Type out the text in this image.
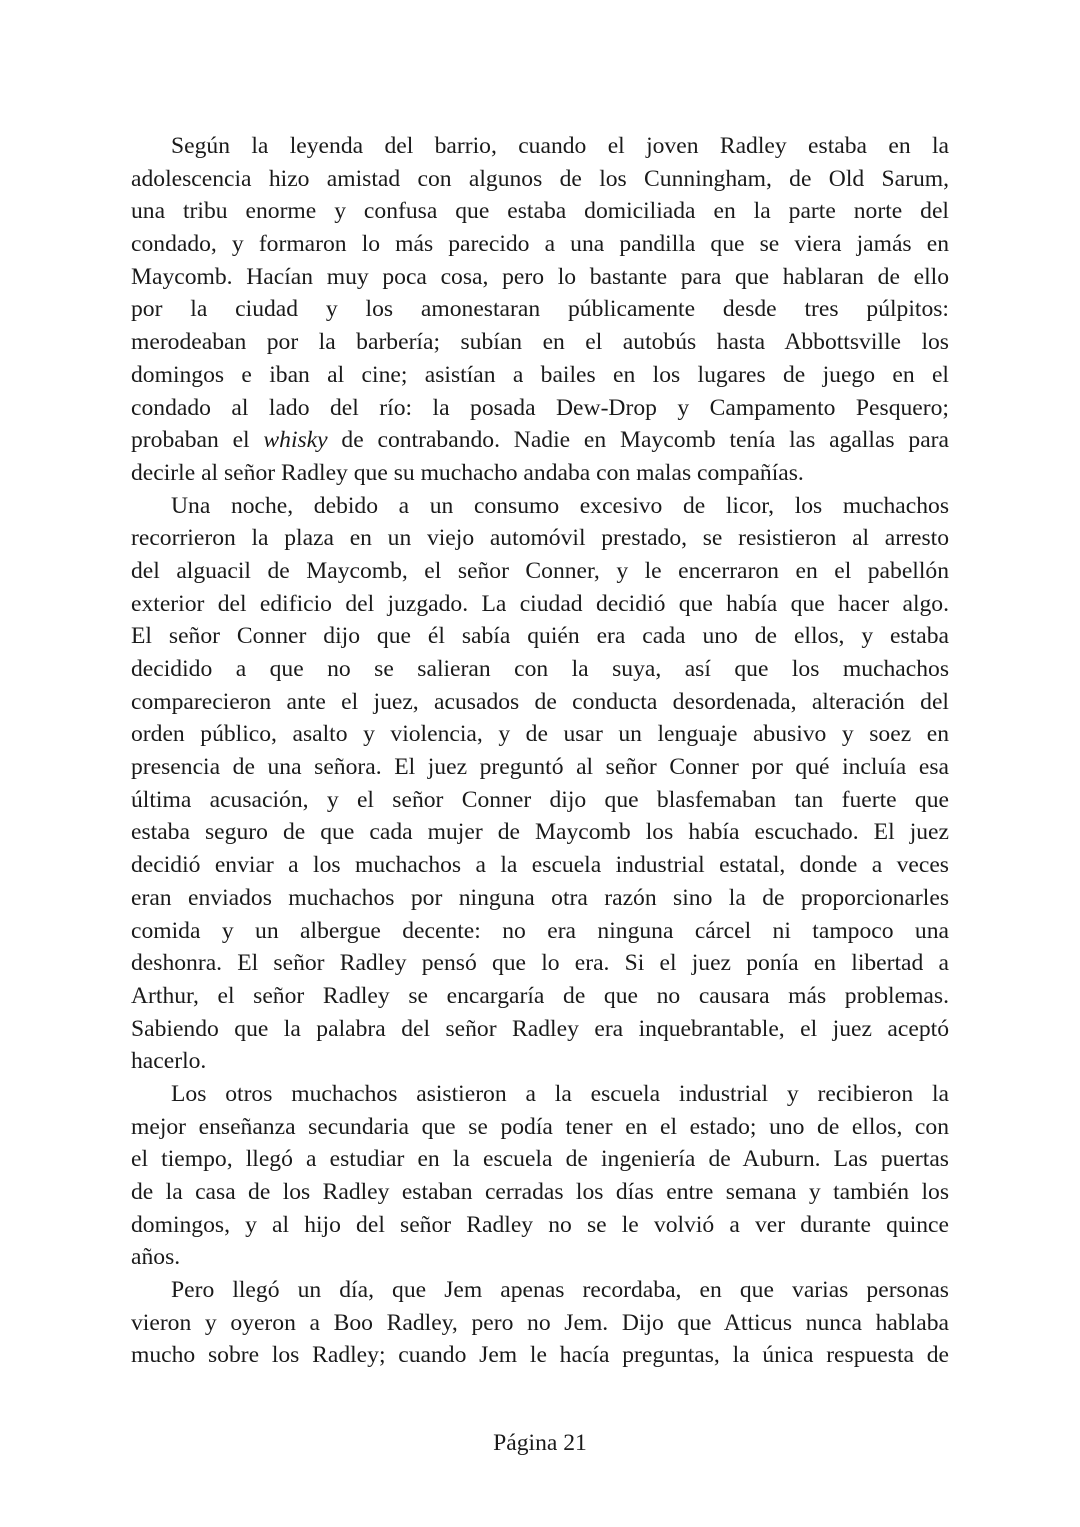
Según la leyenda del barrio, cuando el joven Radley estaba en la
adolescencia hizo amistad con algunos de los Cunningham, de Old Sarum,
una tribu enorme y confusa que estaba domiciliada en la parte norte del
condado, y formaron lo más parecido a una pandilla que se viera jamás en
Maycomb. Hacían muy poca cosa, pero lo bastante para que hablaran de ello
por la ciudad y los amonestaran públicamente desde tres púlpitos:
merodeaban por la barbería; subían en el autobús hasta Abbottsville los
domingos e iban al cine; asistían a bailes en los lugares de juego en el
condado al lado del río: la posada Dew-Drop y Campamento Pesquero;
probaban el whisky de contrabando. Nadie en Maycomb tenía las agallas para
decirle al señor Radley que su muchacho andaba con malas compañías.
Una noche, debido a un consumo excesivo de licor, los muchachos
recorrieron la plaza en un viejo automóvil prestado, se resistieron al arresto
del alguacil de Maycomb, el señor Conner, y le encerraron en el pabellón
exterior del edificio del juzgado. La ciudad decidió que había que hacer algo.
El señor Conner dijo que él sabía quién era cada uno de ellos, y estaba
decidido a que no se salieran con la suya, así que los muchachos
comparecieron ante el juez, acusados de conducta desordenada, alteración del
orden público, asalto y violencia, y de usar un lenguaje abusivo y soez en
presencia de una señora. El juez preguntó al señor Conner por qué incluía esa
última acusación, y el señor Conner dijo que blasfemaban tan fuerte que
estaba seguro de que cada mujer de Maycomb los había escuchado. El juez
decidió enviar a los muchachos a la escuela industrial estatal, donde a veces
eran enviados muchachos por ninguna otra razón sino la de proporcionarles
comida y un albergue decente: no era ninguna cárcel ni tampoco una
deshonra. El señor Radley pensó que lo era. Si el juez ponía en libertad a
Arthur, el señor Radley se encargaría de que no causara más problemas.
Sabiendo que la palabra del señor Radley era inquebrantable, el juez aceptó
hacerlo.
Los otros muchachos asistieron a la escuela industrial y recibieron la
mejor enseñanza secundaria que se podía tener en el estado; uno de ellos, con
el tiempo, llegó a estudiar en la escuela de ingeniería de Auburn. Las puertas
de la casa de los Radley estaban cerradas los días entre semana y también los
domingos, y al hijo del señor Radley no se le volvió a ver durante quince
años.
Pero llegó un día, que Jem apenas recordaba, en que varias personas
vieron y oyeron a Boo Radley, pero no Jem. Dijo que Atticus nunca hablaba
mucho sobre los Radley; cuando Jem le hacía preguntas, la única respuesta de
Página 21
